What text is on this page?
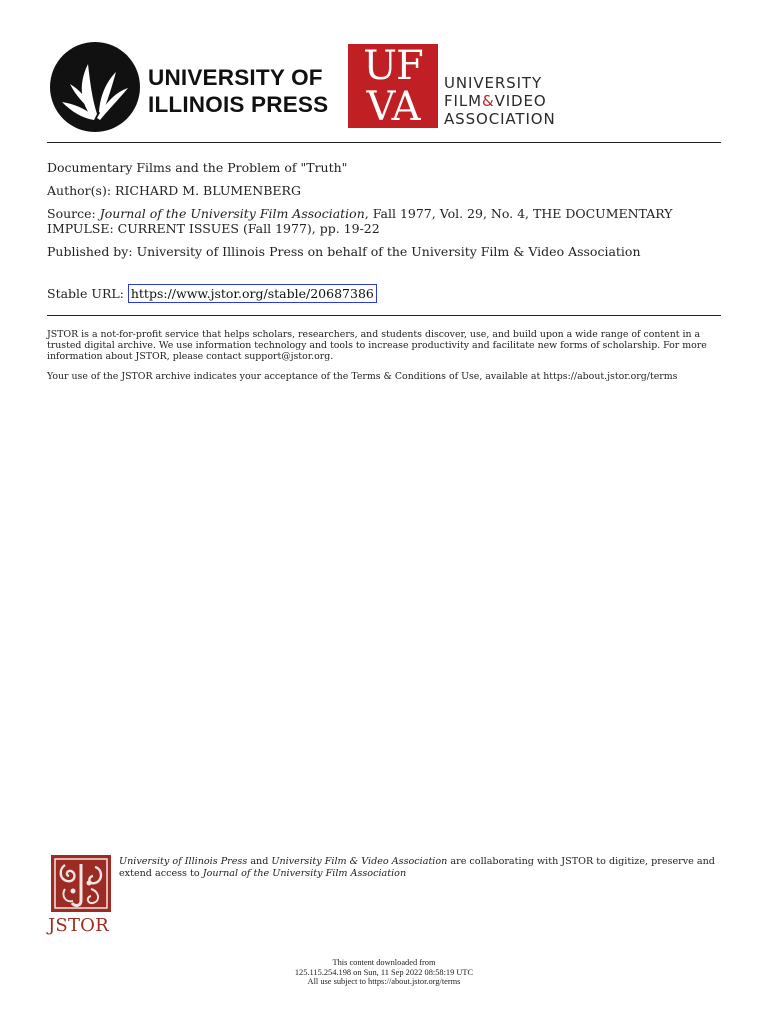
UNIVERSITY OF
ILLINOIS PRESS
UF
VA
UNIVERSITY
FILM&VIDEO
ASSOCIATION
Documentary Films and the Problem of "Truth"
Author(s): RICHARD M. BLUMENBERG
Source: Journal of the University Film Association, Fall 1977, Vol. 29, No. 4, THE DOCUMENTARY IMPULSE: CURRENT ISSUES (Fall 1977), pp. 19-22
Published by: University of Illinois Press on behalf of the University Film & Video Association
Stable URL: https://www.jstor.org/stable/20687386
JSTOR is a not-for-profit service that helps scholars, researchers, and students discover, use, and build upon a wide range of content in a trusted digital archive. We use information technology and tools to increase productivity and facilitate new forms of scholarship. For more information about JSTOR, please contact support@jstor.org.
Your use of the JSTOR archive indicates your acceptance of the Terms & Conditions of Use, available at https://about.jstor.org/terms
JSTOR
University of Illinois Press and University Film & Video Association are collaborating with JSTOR to digitize, preserve and extend access to Journal of the University Film Association
This content downloaded from
125.115.254.198 on Sun, 11 Sep 2022 08:58:19 UTC
All use subject to https://about.jstor.org/terms
